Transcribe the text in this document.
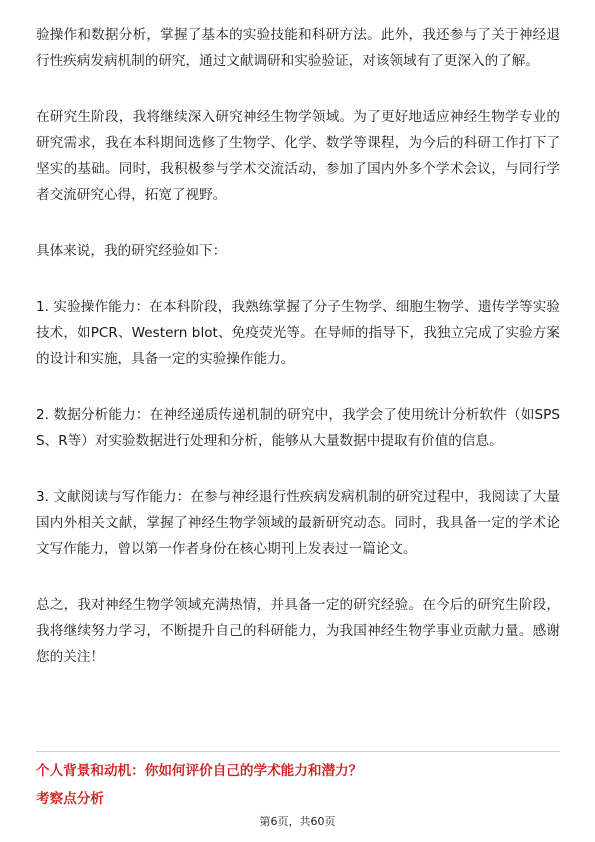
验操作和数据分析，掌握了基本的实验技能和科研方法。此外，我还参与了关于神经退行性疾病发病机制的研究，通过文献调研和实验验证，对该领域有了更深入的了解。

在研究生阶段，我将继续深入研究神经生物学领域。为了更好地适应神经生物学专业的研究需求，我在本科期间选修了生物学、化学、数学等课程，为今后的科研工作打下了坚实的基础。同时，我积极参与学术交流活动，参加了国内外多个学术会议，与同行学者交流研究心得，拓宽了视野。

具体来说，我的研究经验如下：

1. 实验操作能力：在本科阶段，我熟练掌握了分子生物学、细胞生物学、遗传学等实验技术，如PCR、Western blot、免疫荧光等。在导师的指导下，我独立完成了实验方案的设计和实施，具备一定的实验操作能力。

2. 数据分析能力：在神经递质传递机制的研究中，我学会了使用统计分析软件（如SPSS、R等）对实验数据进行处理和分析，能够从大量数据中提取有价值的信息。

3. 文献阅读与写作能力：在参与神经退行性疾病发病机制的研究过程中，我阅读了大量国内外相关文献，掌握了神经生物学领域的最新研究动态。同时，我具备一定的学术论文写作能力，曾以第一作者身份在核心期刊上发表过一篇论文。

总之，我对神经生物学领域充满热情，并具备一定的研究经验。在今后的研究生阶段，我将继续努力学习，不断提升自己的科研能力，为我国神经生物学事业贡献力量。感谢您的关注！

个人背景和动机：你如何评价自己的学术能力和潜力？
考察点分析
第6页，共60页
